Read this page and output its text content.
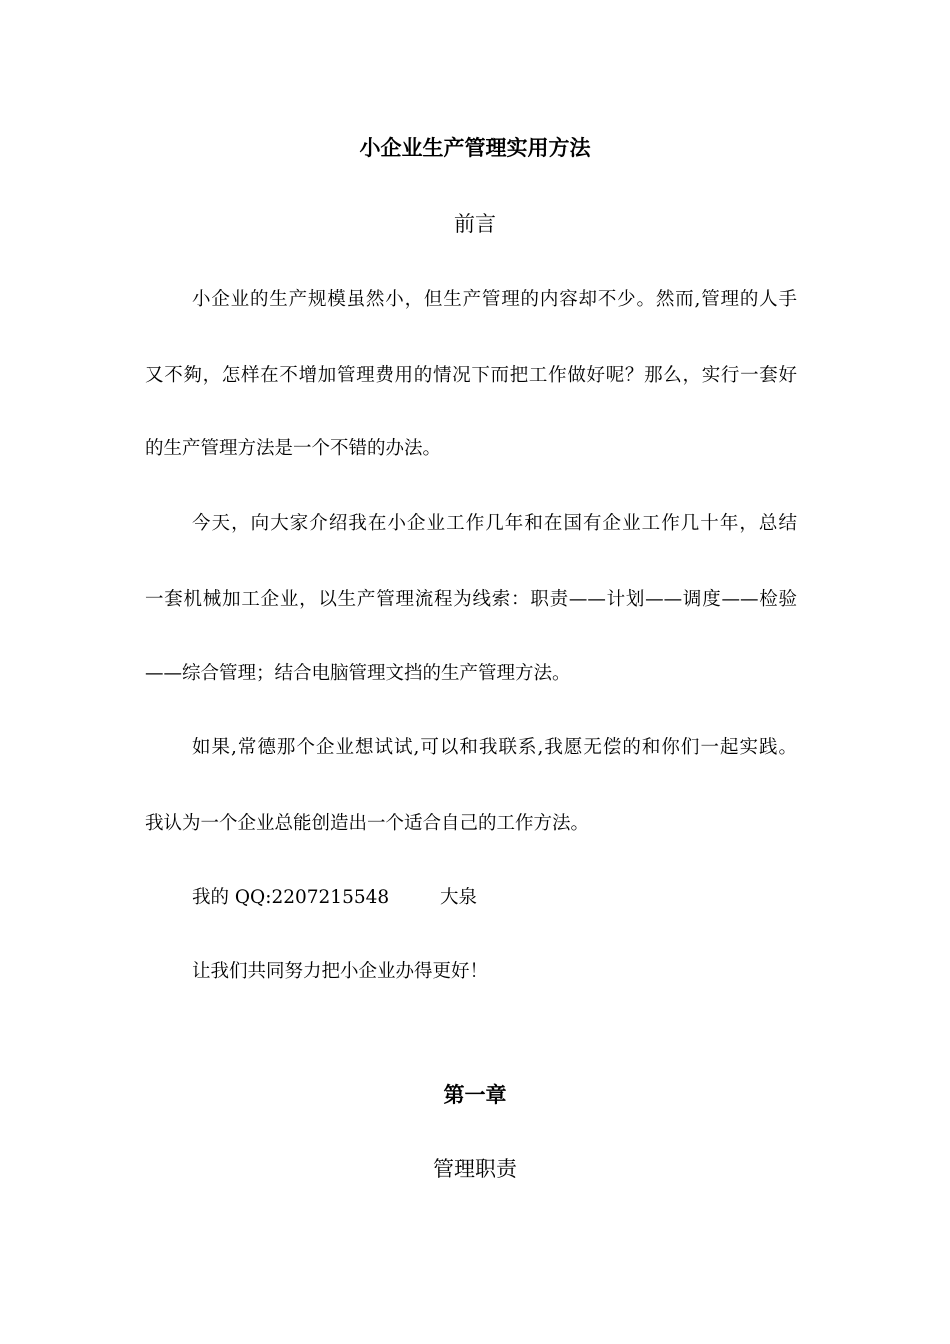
小企业生产管理实用方法
前言
小企业的生产规模虽然小，但生产管理的内容却不少。然而,管理的人手
又不夠，怎样在不增加管理费用的情况下而把工作做好呢？那么，实行一套好
的生产管理方法是一个不错的办法。
今天，向大家介绍我在小企业工作几年和在国有企业工作几十年，总结
一套机械加工企业，以生产管理流程为线索：职责——计划——调度——检验
——综合管理；结合电脑管理文挡的生产管理方法。
如果,常德那个企业想试试,可以和我联系,我愿无偿的和你们一起实践。
我认为一个企业总能创造出一个适合自己的工作方法。
我的 QQ:2207215548	大泉
让我们共同努力把小企业办得更好！
第一章
管理职责
